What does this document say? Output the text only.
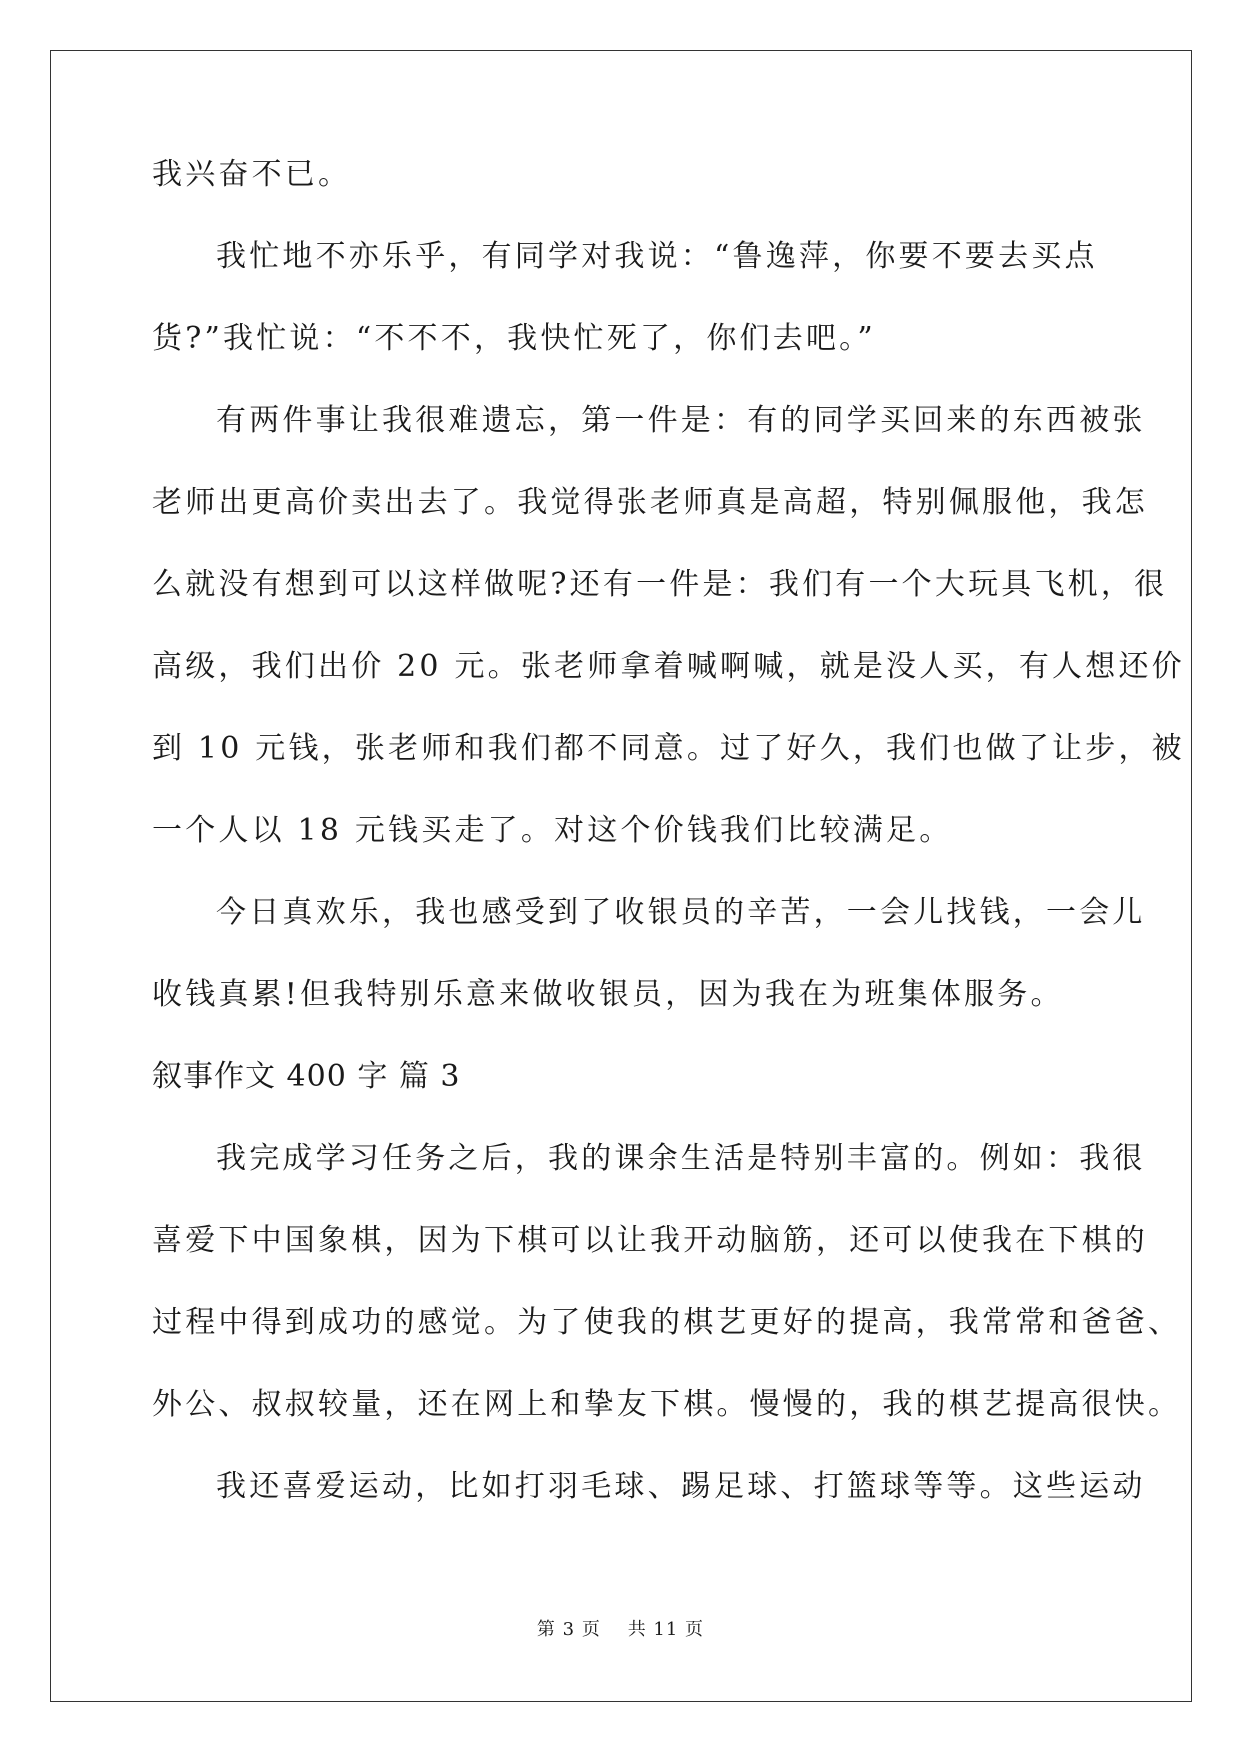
我兴奋不已。
我忙地不亦乐乎，有同学对我说：“鲁逸萍，你要不要去买点
货?”我忙说：“不不不，我快忙死了，你们去吧。”
有两件事让我很难遗忘，第一件是：有的同学买回来的东西被张
老师出更高价卖出去了。我觉得张老师真是高超，特别佩服他，我怎
么就没有想到可以这样做呢?还有一件是：我们有一个大玩具飞机，很
高级，我们出价 20 元。张老师拿着喊啊喊，就是没人买，有人想还价
到 10 元钱，张老师和我们都不同意。过了好久，我们也做了让步，被
一个人以 18 元钱买走了。对这个价钱我们比较满足。
今日真欢乐，我也感受到了收银员的辛苦，一会儿找钱，一会儿
收钱真累!但我特别乐意来做收银员，因为我在为班集体服务。
叙事作文 400 字 篇 3
我完成学习任务之后，我的课余生活是特别丰富的。例如：我很
喜爱下中国象棋，因为下棋可以让我开动脑筋，还可以使我在下棋的
过程中得到成功的感觉。为了使我的棋艺更好的提高，我常常和爸爸、
外公、叔叔较量，还在网上和挚友下棋。慢慢的，我的棋艺提高很快。
我还喜爱运动，比如打羽毛球、踢足球、打篮球等等。这些运动
第 3 页    共 11 页
